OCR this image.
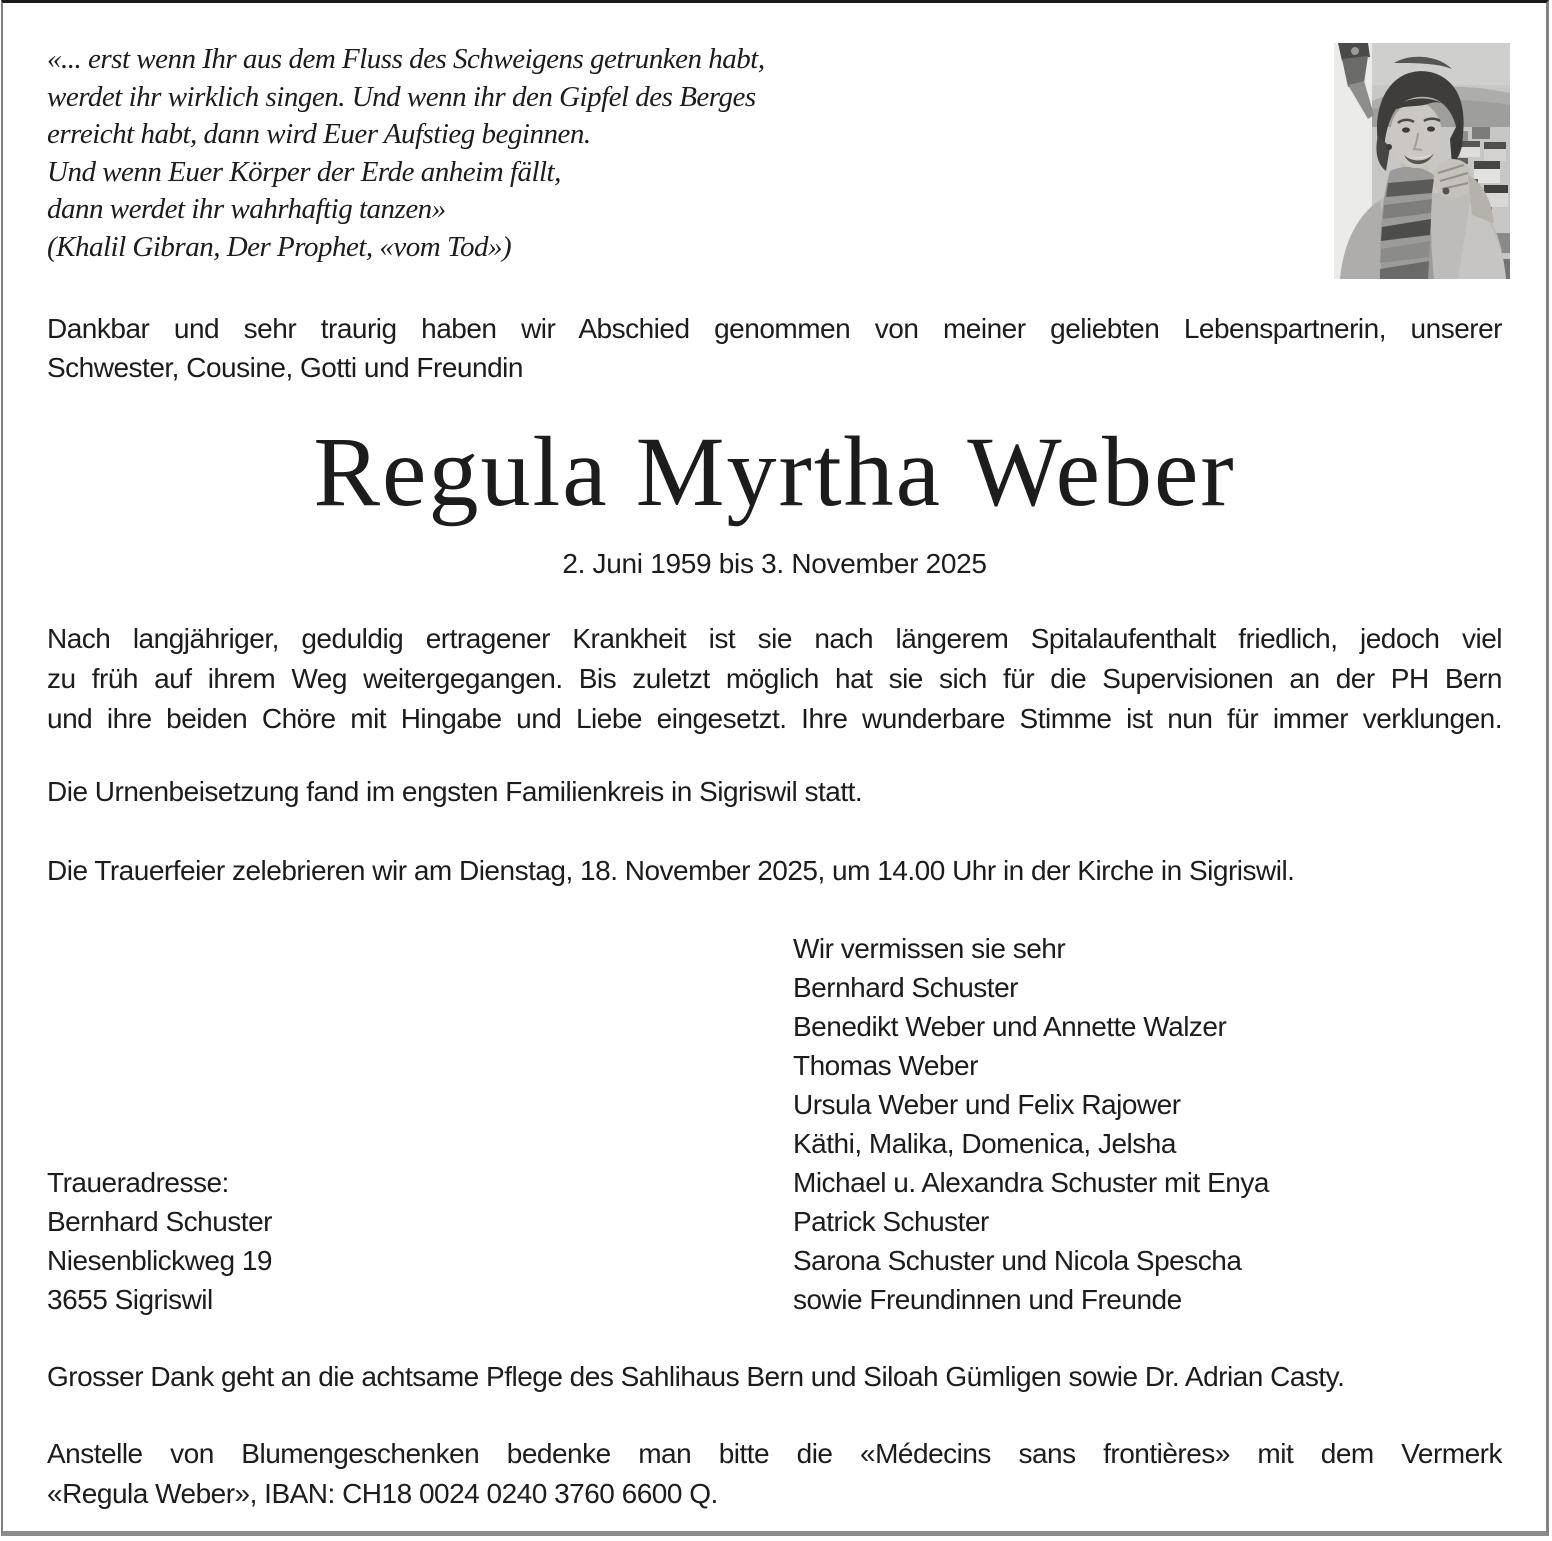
«... erst wenn Ihr aus dem Fluss des Schweigens getrunken habt,
werdet ihr wirklich singen. Und wenn ihr den Gipfel des Berges
erreicht habt, dann wird Euer Aufstieg beginnen.
Und wenn Euer Körper der Erde anheim fällt,
dann werdet ihr wahrhaftig tanzen»
(Khalil Gibran, Der Prophet, «vom Tod»)
Dankbar und sehr traurig haben wir Abschied genommen von meiner geliebten Lebenspartnerin, unserer
Schwester, Cousine, Gotti und Freundin
Regula Myrtha Weber
2. Juni 1959 bis 3. November 2025
Nach langjähriger, geduldig ertragener Krankheit ist sie nach längerem Spitalaufenthalt friedlich, jedoch viel
zu früh auf ihrem Weg weitergegangen. Bis zuletzt möglich hat sie sich für die Supervisionen an der PH Bern
und ihre beiden Chöre mit Hingabe und Liebe eingesetzt. Ihre wunderbare Stimme ist nun für immer verklungen.
Die Urnenbeisetzung fand im engsten Familienkreis in Sigriswil statt.
Die Trauerfeier zelebrieren wir am Dienstag, 18. November 2025, um 14.00 Uhr in der Kirche in Sigriswil.
Wir vermissen sie sehr
Bernhard Schuster
Benedikt Weber und Annette Walzer
Thomas Weber
Ursula Weber und Felix Rajower
Käthi, Malika, Domenica, Jelsha
Michael u. Alexandra Schuster mit Enya
Patrick Schuster
Sarona Schuster und Nicola Spescha
sowie Freundinnen und Freunde
Traueradresse:
Bernhard Schuster
Niesenblickweg 19
3655 Sigriswil
Grosser Dank geht an die achtsame Pflege des Sahlihaus Bern und Siloah Gümligen sowie Dr. Adrian Casty.
Anstelle von Blumengeschenken bedenke man bitte die «Médecins sans frontières» mit dem Vermerk
«Regula Weber», IBAN: CH18 0024 0240 3760 6600 Q.
